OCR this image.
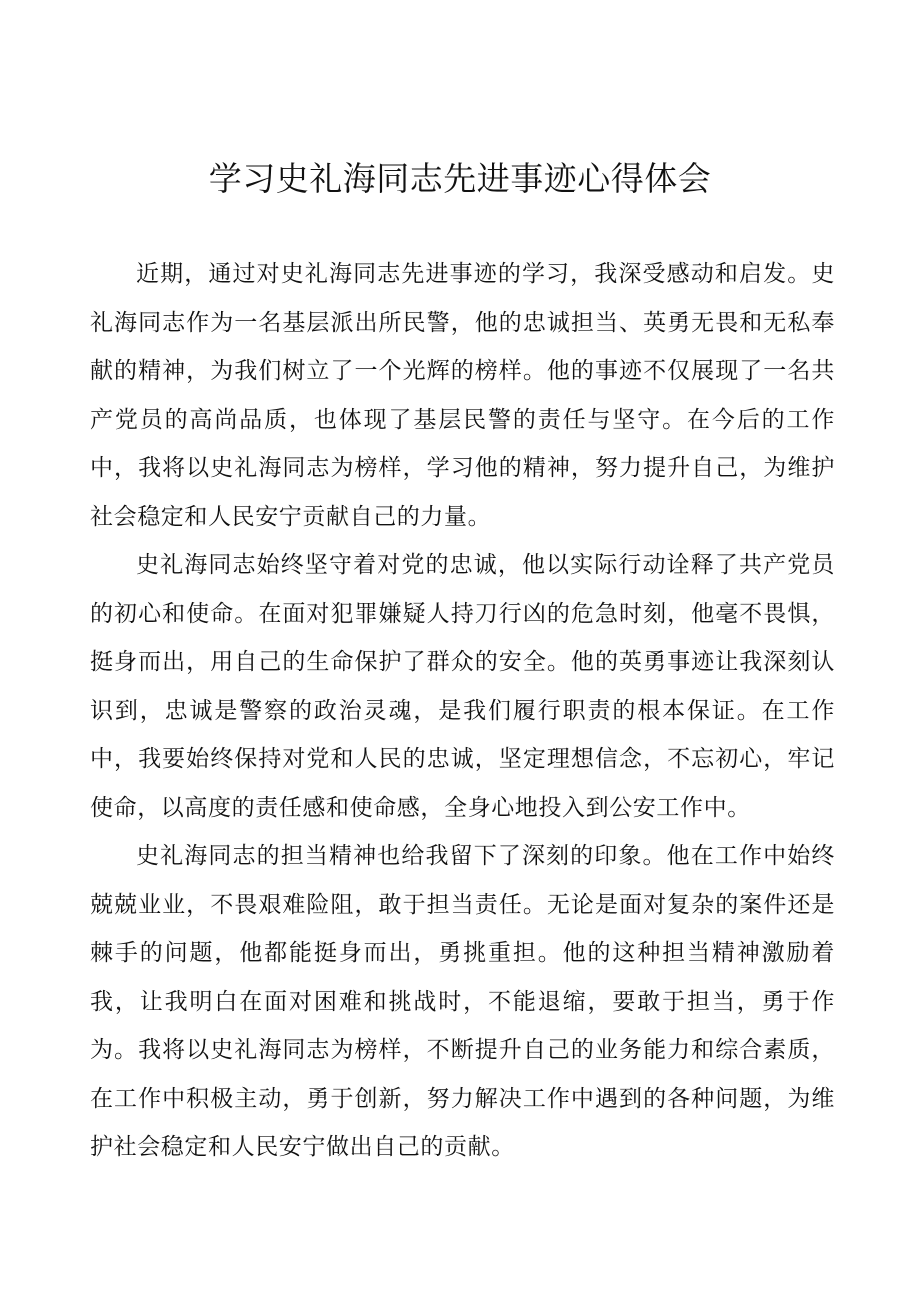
学习史礼海同志先进事迹心得体会

近期，通过对史礼海同志先进事迹的学习，我深受感动和启发。史礼海同志作为一名基层派出所民警，他的忠诚担当、英勇无畏和无私奉献的精神，为我们树立了一个光辉的榜样。他的事迹不仅展现了一名共产党员的高尚品质，也体现了基层民警的责任与坚守。在今后的工作中，我将以史礼海同志为榜样，学习他的精神，努力提升自己，为维护社会稳定和人民安宁贡献自己的力量。

史礼海同志始终坚守着对党的忠诚，他以实际行动诠释了共产党员的初心和使命。在面对犯罪嫌疑人持刀行凶的危急时刻，他毫不畏惧，挺身而出，用自己的生命保护了群众的安全。他的英勇事迹让我深刻认识到，忠诚是警察的政治灵魂，是我们履行职责的根本保证。在工作中，我要始终保持对党和人民的忠诚，坚定理想信念，不忘初心，牢记使命，以高度的责任感和使命感，全身心地投入到公安工作中。

史礼海同志的担当精神也给我留下了深刻的印象。他在工作中始终兢兢业业，不畏艰难险阻，敢于担当责任。无论是面对复杂的案件还是棘手的问题，他都能挺身而出，勇挑重担。他的这种担当精神激励着我，让我明白在面对困难和挑战时，不能退缩，要敢于担当，勇于作为。我将以史礼海同志为榜样，不断提升自己的业务能力和综合素质，在工作中积极主动，勇于创新，努力解决工作中遇到的各种问题，为维护社会稳定和人民安宁做出自己的贡献。
